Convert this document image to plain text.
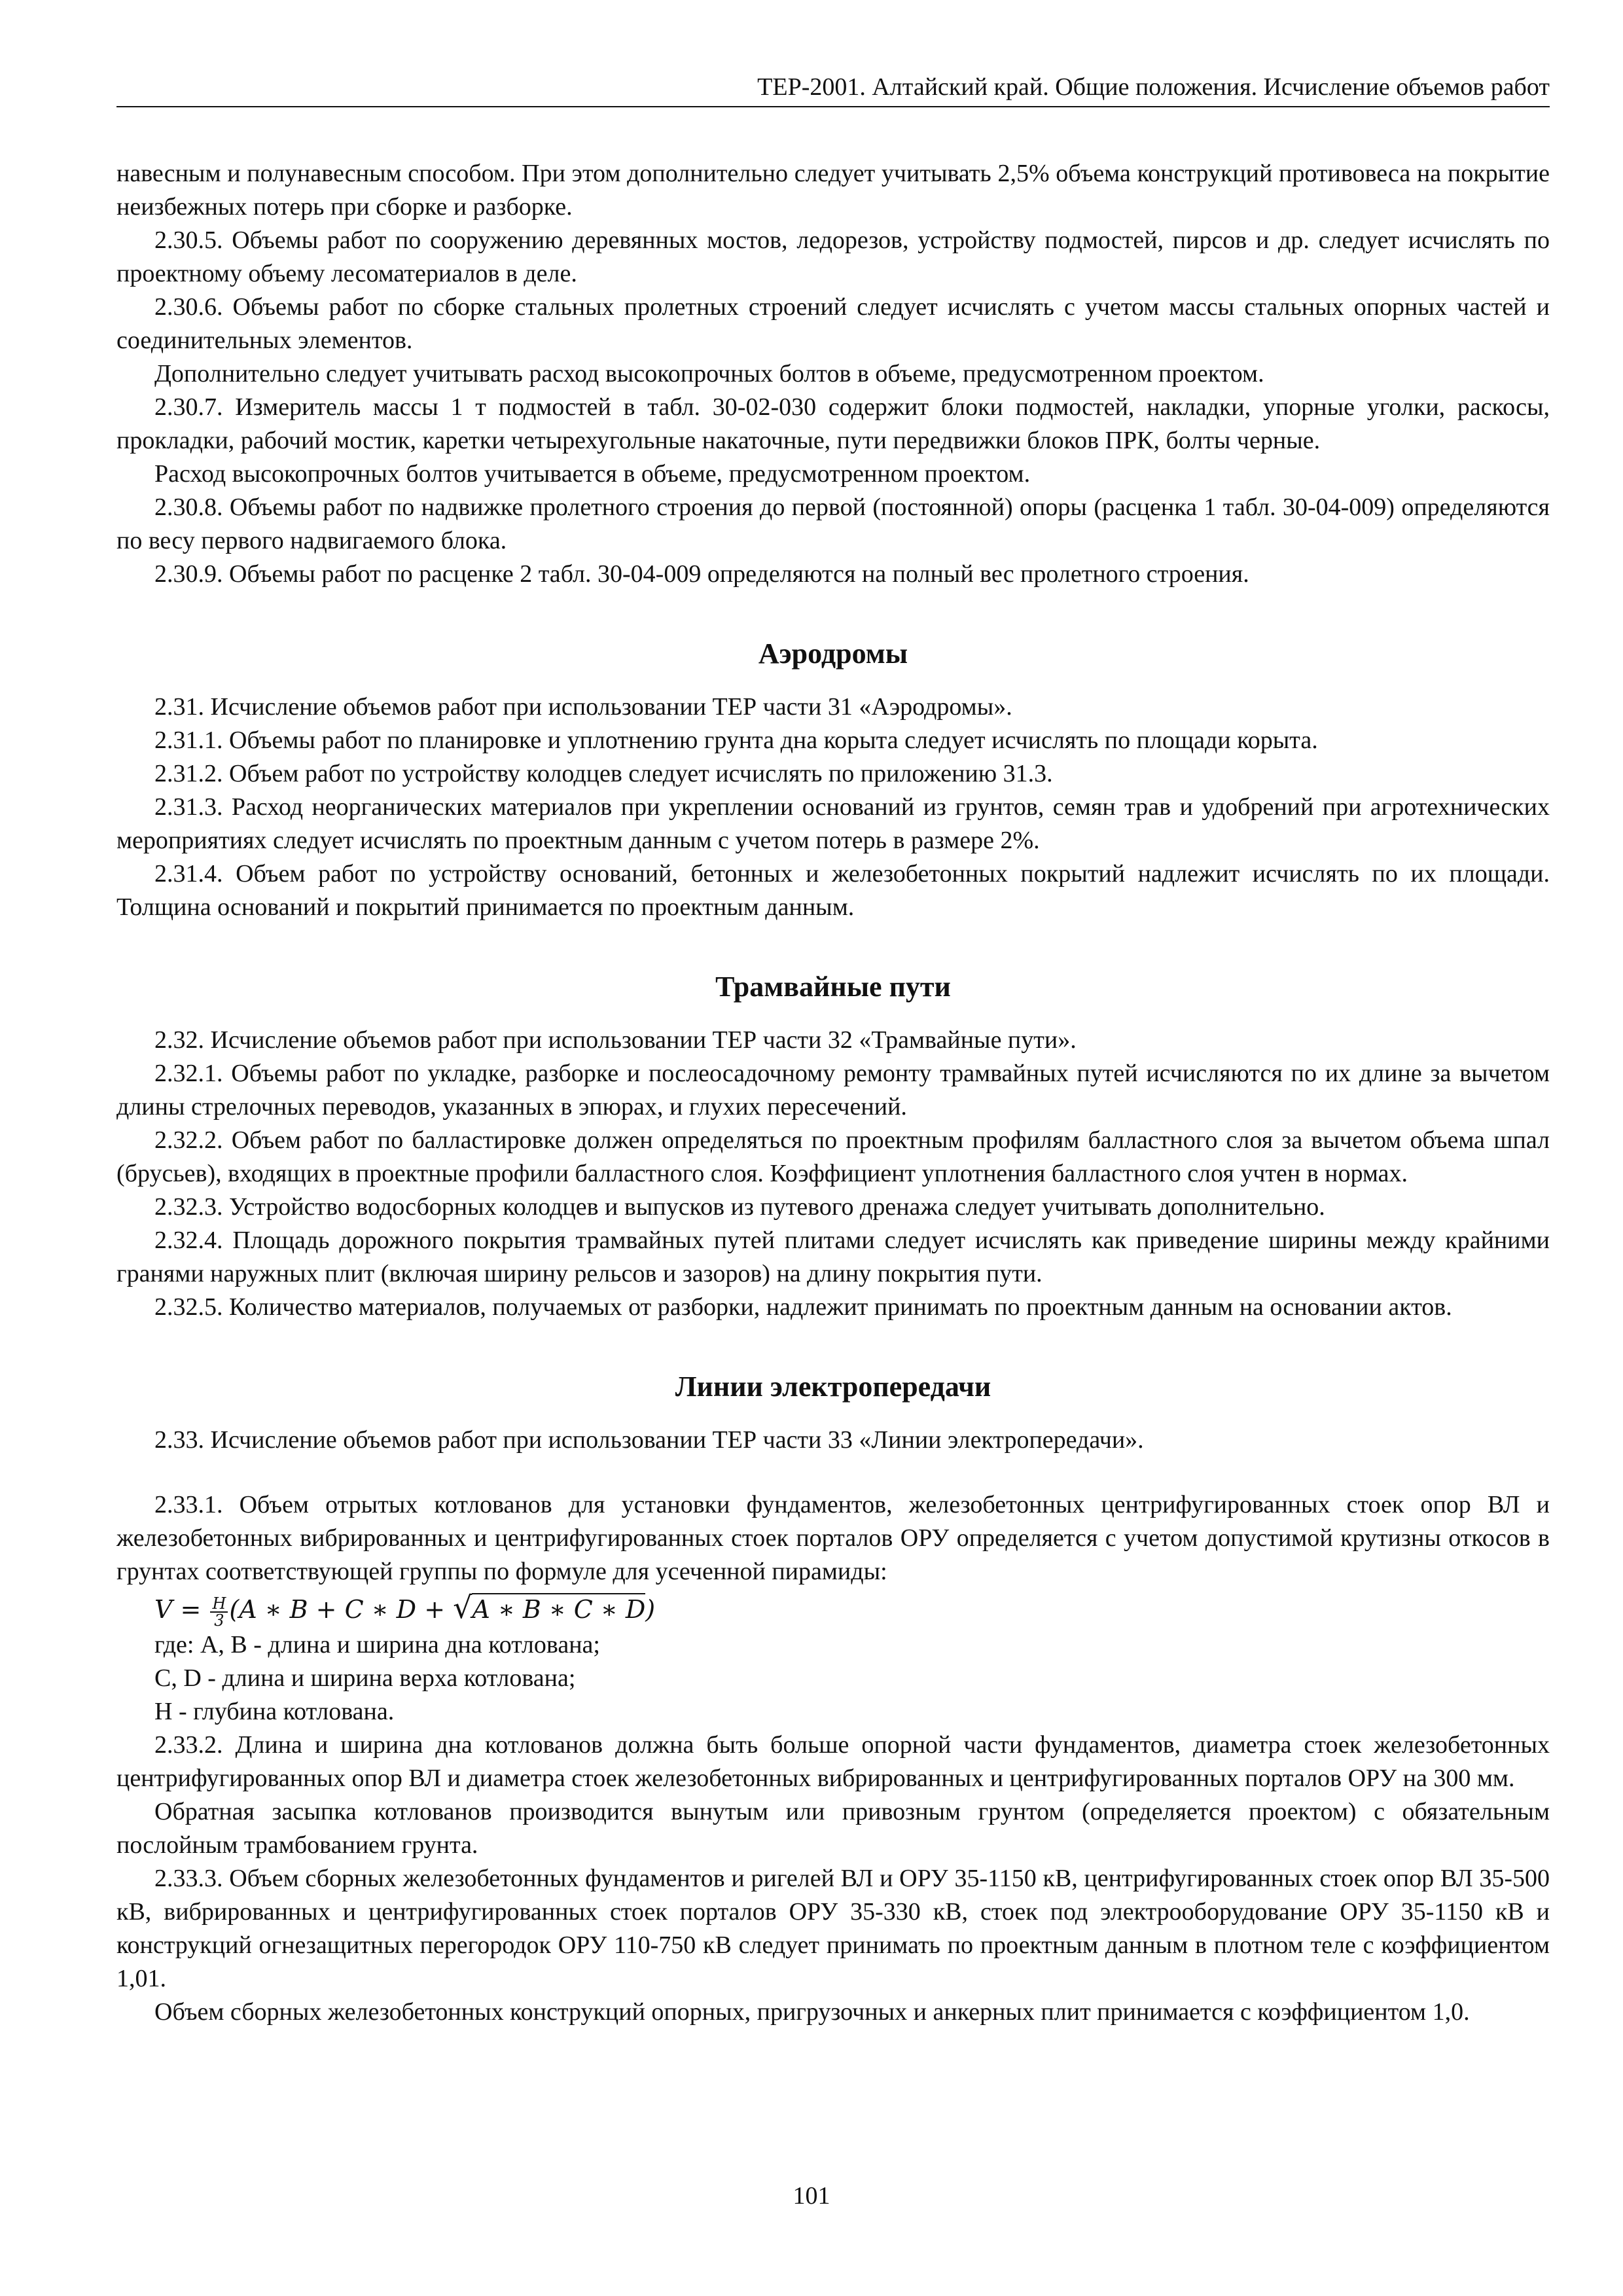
ТЕР-2001. Алтайский край. Общие положения. Исчисление объемов работ

навесным и полунавесным способом. При этом дополнительно следует учитывать 2,5% объема конструкций противовеса на покрытие неизбежных потерь при сборке и разборке.

2.30.5. Объемы работ по сооружению деревянных мостов, ледорезов, устройству подмостей, пирсов и др. следует исчислять по проектному объему лесоматериалов в деле.

2.30.6. Объемы работ по сборке стальных пролетных строений следует исчислять с учетом массы стальных опорных частей и соединительных элементов.

Дополнительно следует учитывать расход высокопрочных болтов в объеме, предусмотренном проектом.

2.30.7. Измеритель массы 1 т подмостей в табл. 30-02-030 содержит блоки подмостей, накладки, упорные уголки, раскосы, прокладки, рабочий мостик, каретки четырехугольные накаточные, пути передвижки блоков ПРК, болты черные.

Расход высокопрочных болтов учитывается в объеме, предусмотренном проектом.

2.30.8. Объемы работ по надвижке пролетного строения до первой (постоянной) опоры (расценка 1 табл. 30-04-009) определяются по весу первого надвигаемого блока.

2.30.9. Объемы работ по расценке 2 табл. 30-04-009 определяются на полный вес пролетного строения.

Аэродромы

2.31. Исчисление объемов работ при использовании ТЕР части 31 «Аэродромы».

2.31.1. Объемы работ по планировке и уплотнению грунта дна корыта следует исчислять по площади корыта.

2.31.2. Объем работ по устройству колодцев следует исчислять по приложению 31.3.

2.31.3. Расход неорганических материалов при укреплении оснований из грунтов, семян трав и удобрений при агротехнических мероприятиях следует исчислять по проектным данным с учетом потерь в размере 2%.

2.31.4. Объем работ по устройству оснований, бетонных и железобетонных покрытий надлежит исчислять по их площади. Толщина оснований и покрытий принимается по проектным данным.

Трамвайные пути

2.32. Исчисление объемов работ при использовании ТЕР части 32 «Трамвайные пути».

2.32.1. Объемы работ по укладке, разборке и послеосадочному ремонту трамвайных путей исчисляются по их длине за вычетом длины стрелочных переводов, указанных в эпюрах, и глухих пересечений.

2.32.2. Объем работ по балластировке должен определяться по проектным профилям балластного слоя за вычетом объема шпал (брусьев), входящих в проектные профили балластного слоя. Коэффициент уплотнения балластного слоя учтен в нормах.

2.32.3. Устройство водосборных колодцев и выпусков из путевого дренажа следует учитывать дополнительно.

2.32.4. Площадь дорожного покрытия трамвайных путей плитами следует исчислять как приведение ширины между крайними гранями наружных плит (включая ширину рельсов и зазоров) на длину покрытия пути.

2.32.5. Количество материалов, получаемых от разборки, надлежит принимать по проектным данным на основании актов.

Линии электропередачи

2.33. Исчисление объемов работ при использовании ТЕР части 33 «Линии электропередачи».

2.33.1. Объем отрытых котлованов для установки фундаментов, железобетонных центрифугированных стоек опор ВЛ и железобетонных вибрированных и центрифугированных стоек порталов ОРУ определяется с учетом допустимой крутизны откосов в грунтах соответствующей группы по формуле для усеченной пирамиды:

$V = \frac{H}{3} (A$ ∗ B + C ∗ D + √A ∗ B ∗ C ∗ D)

где: А, В - длина и ширина дна котлована;

С, D - длина и ширина верха котлована;

Н - глубина котлована.

2.33.2. Длина и ширина дна котлованов должна быть больше опорной части фундаментов, диаметра стоек железобетонных центрифугированных опор ВЛ и диаметра стоек железобетонных вибрированных и центрифугированных порталов ОРУ на 300 мм.

Обратная засыпка котлованов производится вынутым или привозным грунтом (определяется проектом) с обязательным послойным трамбованием грунта.

2.33.3. Объем сборных железобетонных фундаментов и ригелей ВЛ и ОРУ 35-1150 кВ, центрифугированных стоек опор ВЛ 35-500 кВ, вибрированных и центрифугированных стоек порталов ОРУ 35-330 кВ, стоек под электрооборудование ОРУ 35-1150 кВ и конструкций огнезащитных перегородок ОРУ 110-750 кВ следует принимать по проектным данным в плотном теле с коэффициентом 1,01.

Объем сборных железобетонных конструкций опорных, пригрузочных и анкерных плит принимается с коэффициентом 1,0.

101
